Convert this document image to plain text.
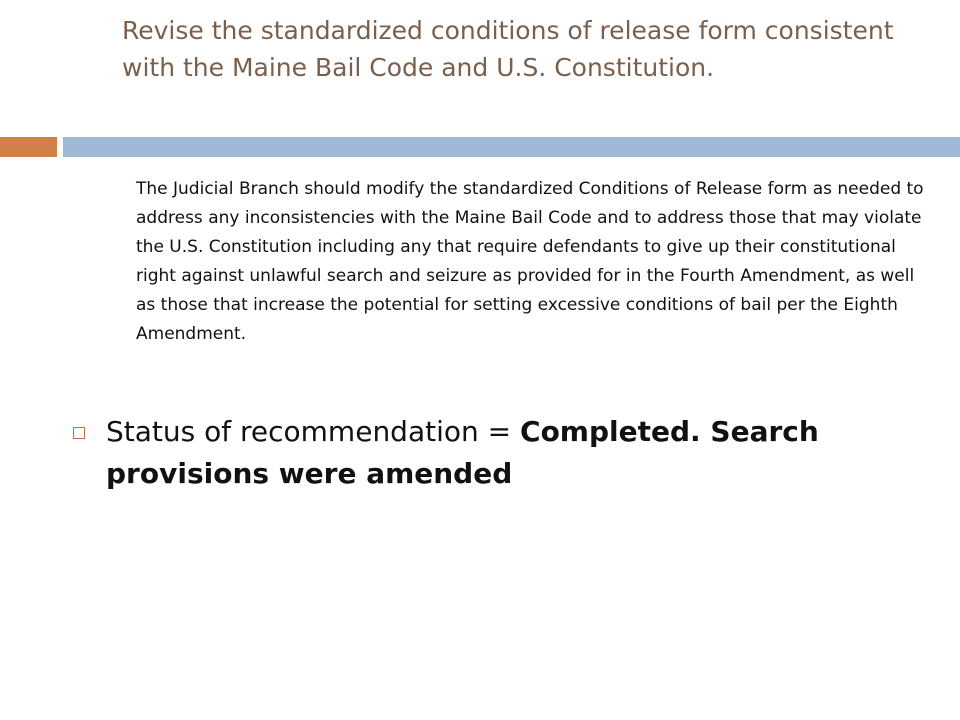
Revise the standardized conditions of release form consistent with the Maine Bail Code and U.S. Constitution.

The Judicial Branch should modify the standardized Conditions of Release form as needed to address any inconsistencies with the Maine Bail Code and to address those that may violate the U.S. Constitution including any that require defendants to give up their constitutional right against unlawful search and seizure as provided for in the Fourth Amendment, as well as those that increase the potential for setting excessive conditions of bail per the Eighth Amendment.

Status of recommendation = Completed. Search provisions were amended
